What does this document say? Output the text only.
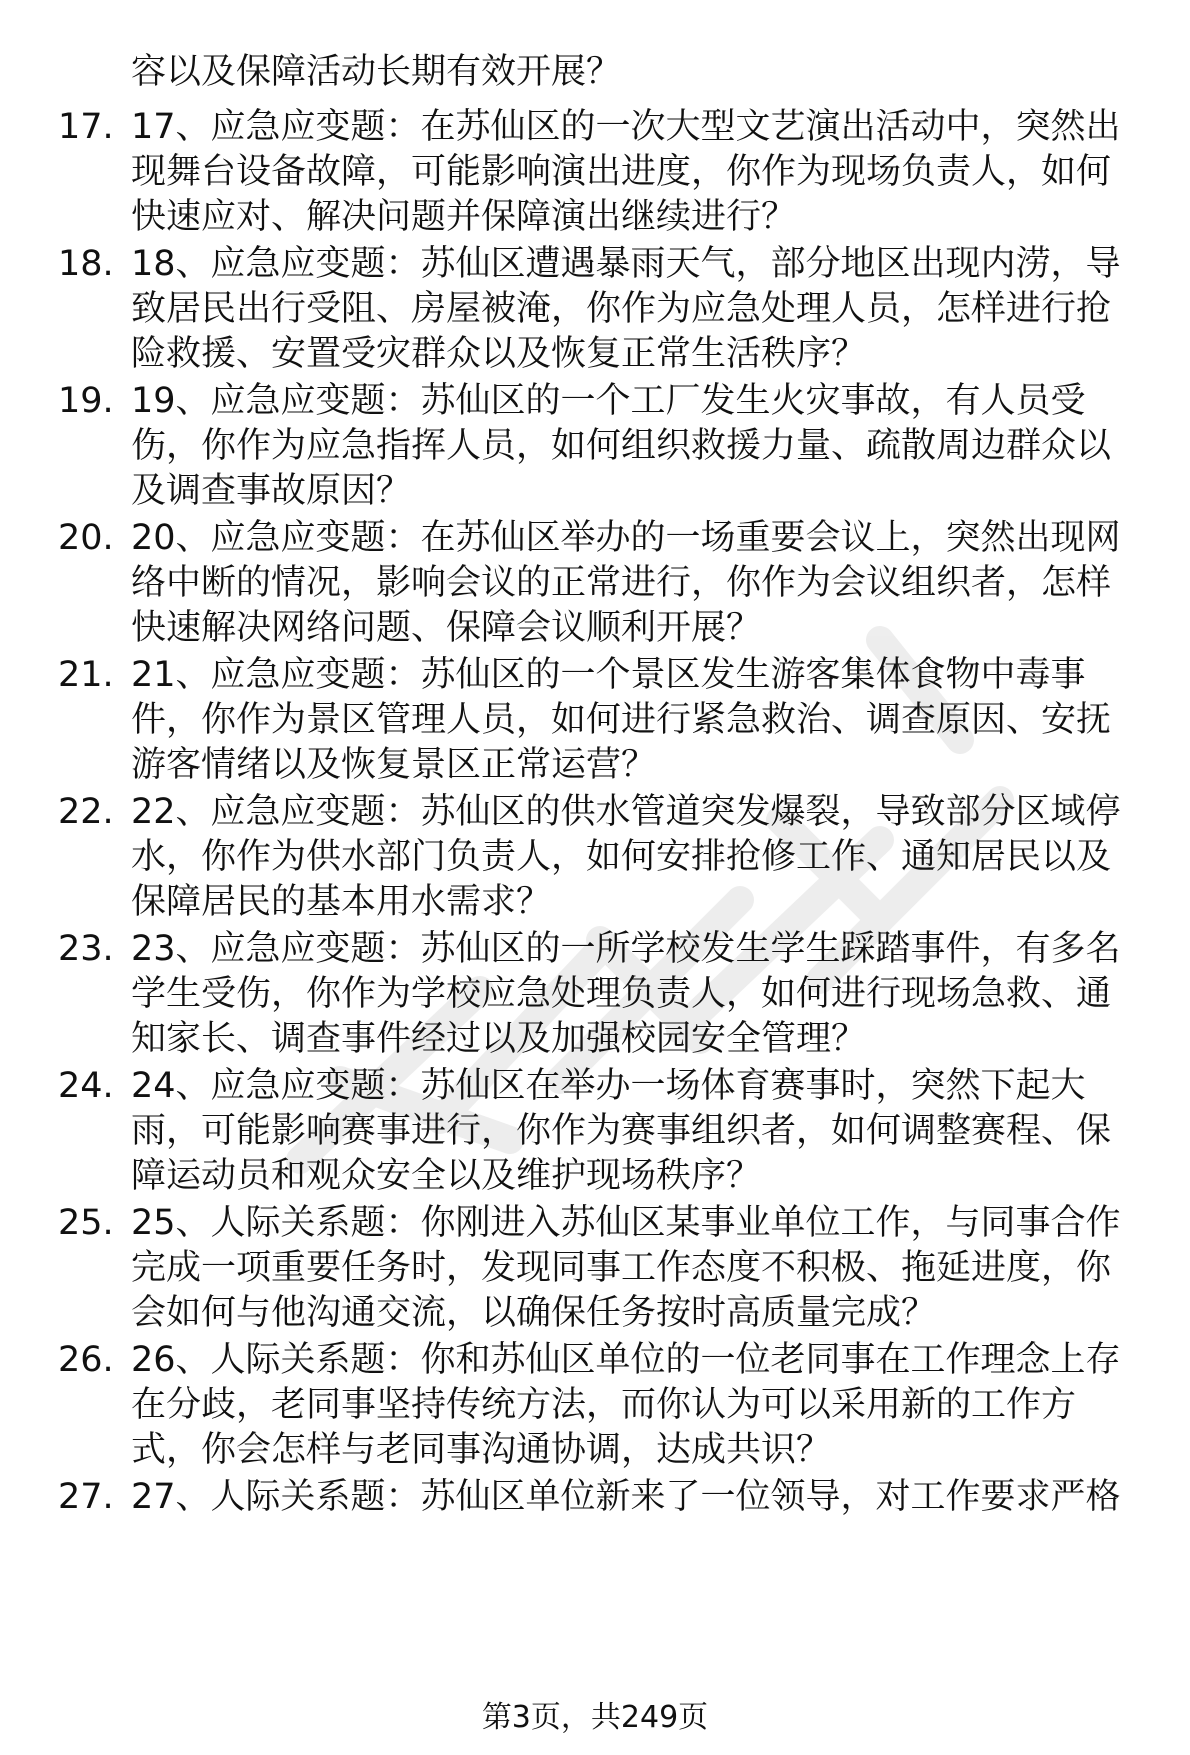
容以及保障活动长期有效开展？
17. 17、应急应变题：在苏仙区的一次大型文艺演出活动中，突然出
现舞台设备故障，可能影响演出进度，你作为现场负责人，如何
快速应对、解决问题并保障演出继续进行？
18. 18、应急应变题：苏仙区遭遇暴雨天气，部分地区出现内涝，导
致居民出行受阻、房屋被淹，你作为应急处理人员，怎样进行抢
险救援、安置受灾群众以及恢复正常生活秩序？
19. 19、应急应变题：苏仙区的一个工厂发生火灾事故，有人员受
伤，你作为应急指挥人员，如何组织救援力量、疏散周边群众以
及调查事故原因？
20. 20、应急应变题：在苏仙区举办的一场重要会议上，突然出现网
络中断的情况，影响会议的正常进行，你作为会议组织者，怎样
快速解决网络问题、保障会议顺利开展？
21. 21、应急应变题：苏仙区的一个景区发生游客集体食物中毒事
件，你作为景区管理人员，如何进行紧急救治、调查原因、安抚
游客情绪以及恢复景区正常运营？
22. 22、应急应变题：苏仙区的供水管道突发爆裂，导致部分区域停
水，你作为供水部门负责人，如何安排抢修工作、通知居民以及
保障居民的基本用水需求？
23. 23、应急应变题：苏仙区的一所学校发生学生踩踏事件，有多名
学生受伤，你作为学校应急处理负责人，如何进行现场急救、通
知家长、调查事件经过以及加强校园安全管理？
24. 24、应急应变题：苏仙区在举办一场体育赛事时，突然下起大
雨，可能影响赛事进行，你作为赛事组织者，如何调整赛程、保
障运动员和观众安全以及维护现场秩序？
25. 25、人际关系题：你刚进入苏仙区某事业单位工作，与同事合作
完成一项重要任务时，发现同事工作态度不积极、拖延进度，你
会如何与他沟通交流，以确保任务按时高质量完成？
26. 26、人际关系题：你和苏仙区单位的一位老同事在工作理念上存
在分歧，老同事坚持传统方法，而你认为可以采用新的工作方
式，你会怎样与老同事沟通协调，达成共识？
27. 27、人际关系题：苏仙区单位新来了一位领导，对工作要求严格
第3页，共249页
